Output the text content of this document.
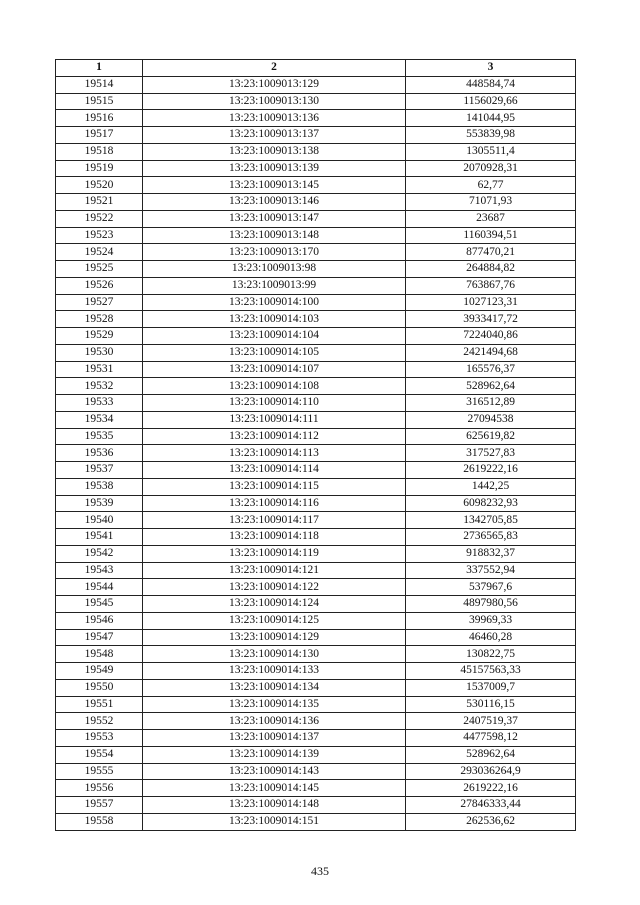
1	2	3
19514	13:23:1009013:129	448584,74
19515	13:23:1009013:130	1156029,66
19516	13:23:1009013:136	141044,95
19517	13:23:1009013:137	553839,98
19518	13:23:1009013:138	1305511,4
19519	13:23:1009013:139	2070928,31
19520	13:23:1009013:145	62,77
19521	13:23:1009013:146	71071,93
19522	13:23:1009013:147	23687
19523	13:23:1009013:148	1160394,51
19524	13:23:1009013:170	877470,21
19525	13:23:1009013:98	264884,82
19526	13:23:1009013:99	763867,76
19527	13:23:1009014:100	1027123,31
19528	13:23:1009014:103	3933417,72
19529	13:23:1009014:104	7224040,86
19530	13:23:1009014:105	2421494,68
19531	13:23:1009014:107	165576,37
19532	13:23:1009014:108	528962,64
19533	13:23:1009014:110	316512,89
19534	13:23:1009014:111	27094538
19535	13:23:1009014:112	625619,82
19536	13:23:1009014:113	317527,83
19537	13:23:1009014:114	2619222,16
19538	13:23:1009014:115	1442,25
19539	13:23:1009014:116	6098232,93
19540	13:23:1009014:117	1342705,85
19541	13:23:1009014:118	2736565,83
19542	13:23:1009014:119	918832,37
19543	13:23:1009014:121	337552,94
19544	13:23:1009014:122	537967,6
19545	13:23:1009014:124	4897980,56
19546	13:23:1009014:125	39969,33
19547	13:23:1009014:129	46460,28
19548	13:23:1009014:130	130822,75
19549	13:23:1009014:133	45157563,33
19550	13:23:1009014:134	1537009,7
19551	13:23:1009014:135	530116,15
19552	13:23:1009014:136	2407519,37
19553	13:23:1009014:137	4477598,12
19554	13:23:1009014:139	528962,64
19555	13:23:1009014:143	293036264,9
19556	13:23:1009014:145	2619222,16
19557	13:23:1009014:148	27846333,44
19558	13:23:1009014:151	262536,62
435
